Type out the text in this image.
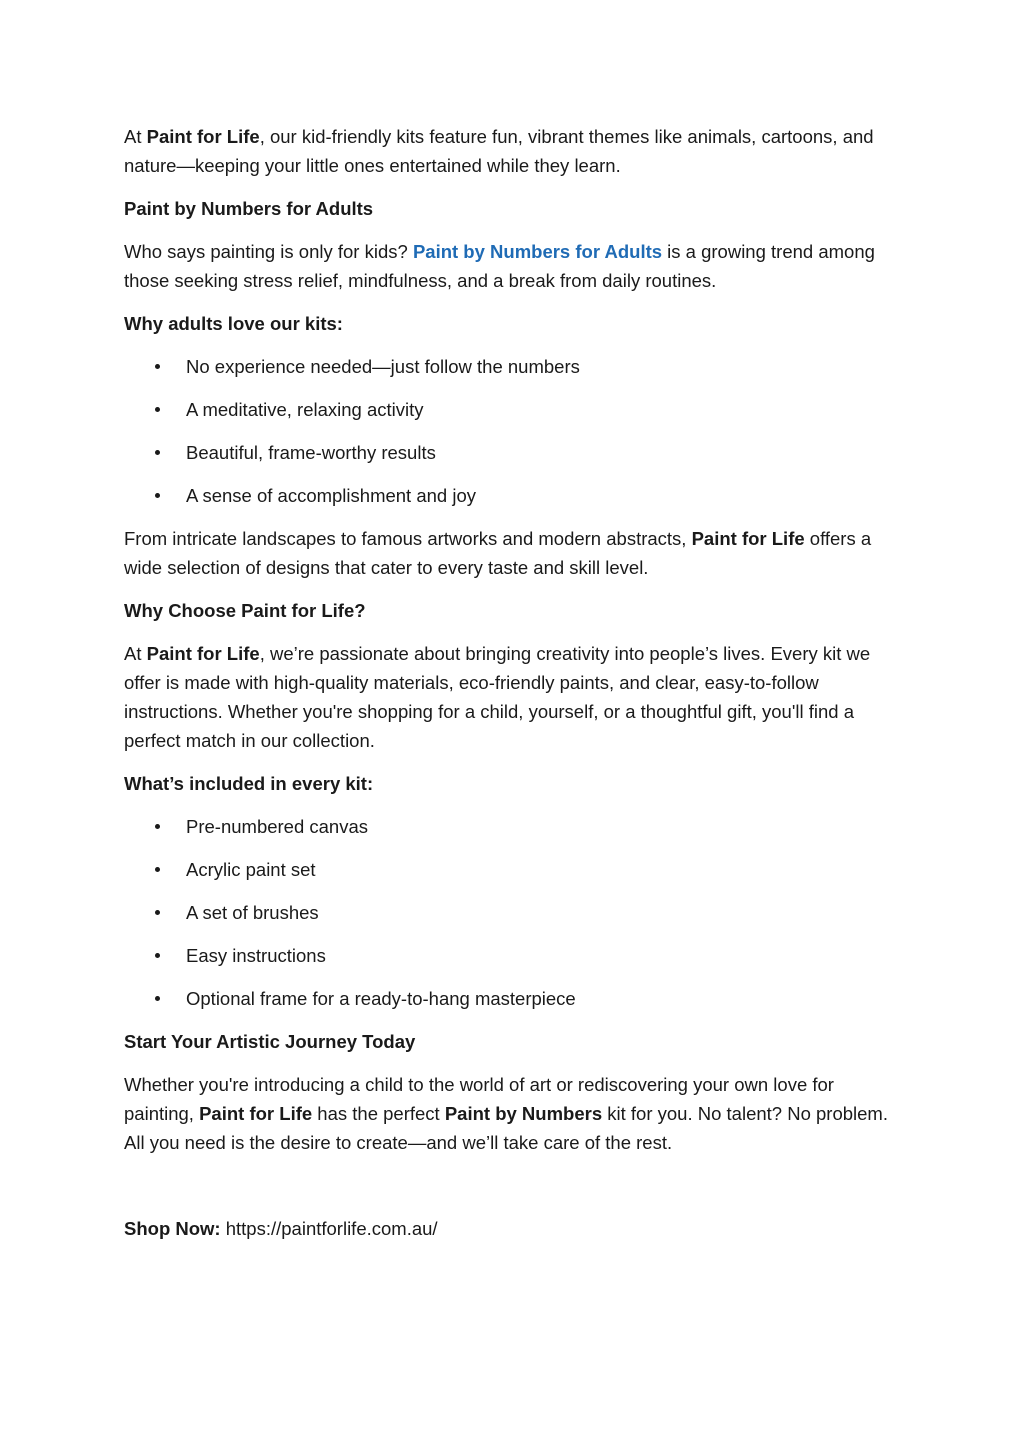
At Paint for Life, our kid-friendly kits feature fun, vibrant themes like animals, cartoons, and nature—keeping your little ones entertained while they learn.

Paint by Numbers for Adults

Who says painting is only for kids? Paint by Numbers for Adults is a growing trend among those seeking stress relief, mindfulness, and a break from daily routines.

Why adults love our kits:

No experience needed—just follow the numbers
A meditative, relaxing activity
Beautiful, frame-worthy results
A sense of accomplishment and joy

From intricate landscapes to famous artworks and modern abstracts, Paint for Life offers a wide selection of designs that cater to every taste and skill level.

Why Choose Paint for Life?

At Paint for Life, we’re passionate about bringing creativity into people’s lives. Every kit we offer is made with high-quality materials, eco-friendly paints, and clear, easy-to-follow instructions. Whether you're shopping for a child, yourself, or a thoughtful gift, you'll find a perfect match in our collection.

What’s included in every kit:

Pre-numbered canvas
Acrylic paint set
A set of brushes
Easy instructions
Optional frame for a ready-to-hang masterpiece

Start Your Artistic Journey Today

Whether you're introducing a child to the world of art or rediscovering your own love for painting, Paint for Life has the perfect Paint by Numbers kit for you. No talent? No problem. All you need is the desire to create—and we’ll take care of the rest.

Shop Now: https://paintforlife.com.au/
